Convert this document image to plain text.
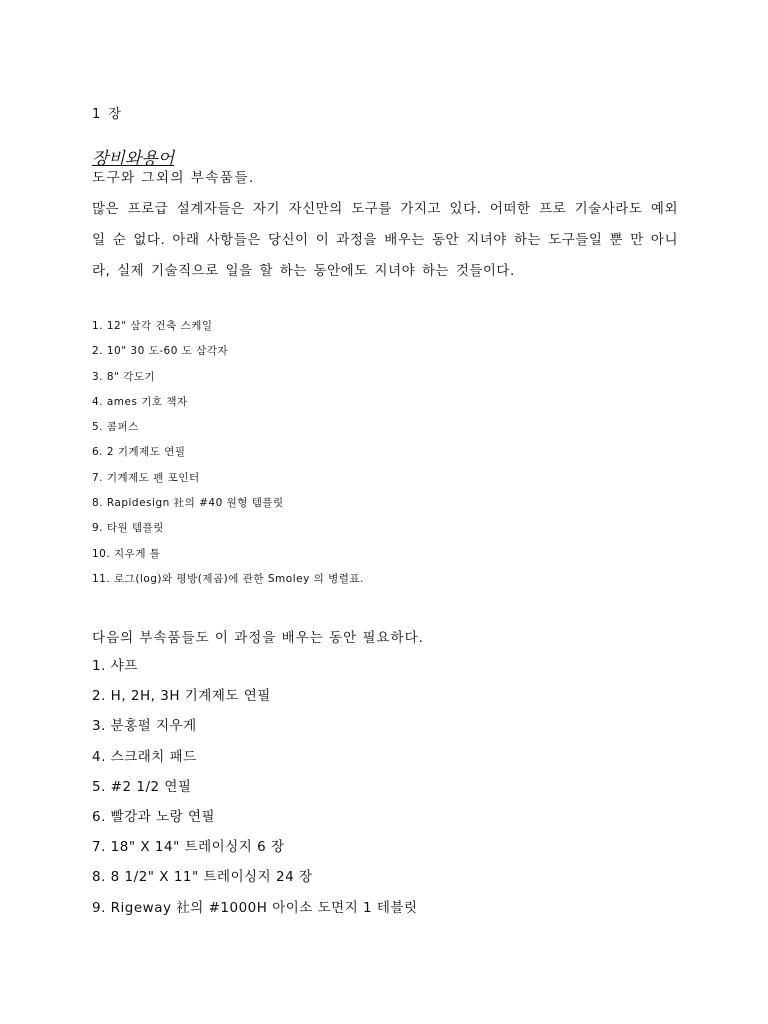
1 장
장비와용어
도구와 그외의 부속품들.

많은 프로급 설계자들은 자기 자신만의 도구를 가지고 있다. 어떠한 프로 기술사라도 예외 일 순 없다. 아래 사항들은 당신이 이 과정을 배우는 동안 지녀야 하는 도구들일 뿐 만 아니라, 실제 기술직으로 일을 할 하는 동안에도 지녀야 하는 것들이다.

1. 12" 삼각 건축 스케일
2. 10" 30 도-60 도 삼각자
3. 8" 각도기
4. ames 기호 책자
5. 콤퍼스
6. 2 기계제도 연필
7. 기계제도 펜 포인터
8. Rapidesign 社의 #40 원형 템플릿
9. 타원 템플릿
10. 지우게 틀
11. 로그(log)와 평방(제곱)에 관한 Smoley 의 병렬표.
다음의 부속품들도 이 과정을 배우는 동안 필요하다.
1. 샤프
2. H, 2H, 3H 기계제도 연필
3. 분홍펄 지우게
4. 스크래치 패드
5. #2 1/2 연필
6. 빨강과 노랑 연필
7. 18" X 14" 트레이싱지 6 장
8. 8 1/2" X 11" 트레이싱지 24 장
9. Rigeway 社의 #1000H 아이소 도면지 1 테블릿
